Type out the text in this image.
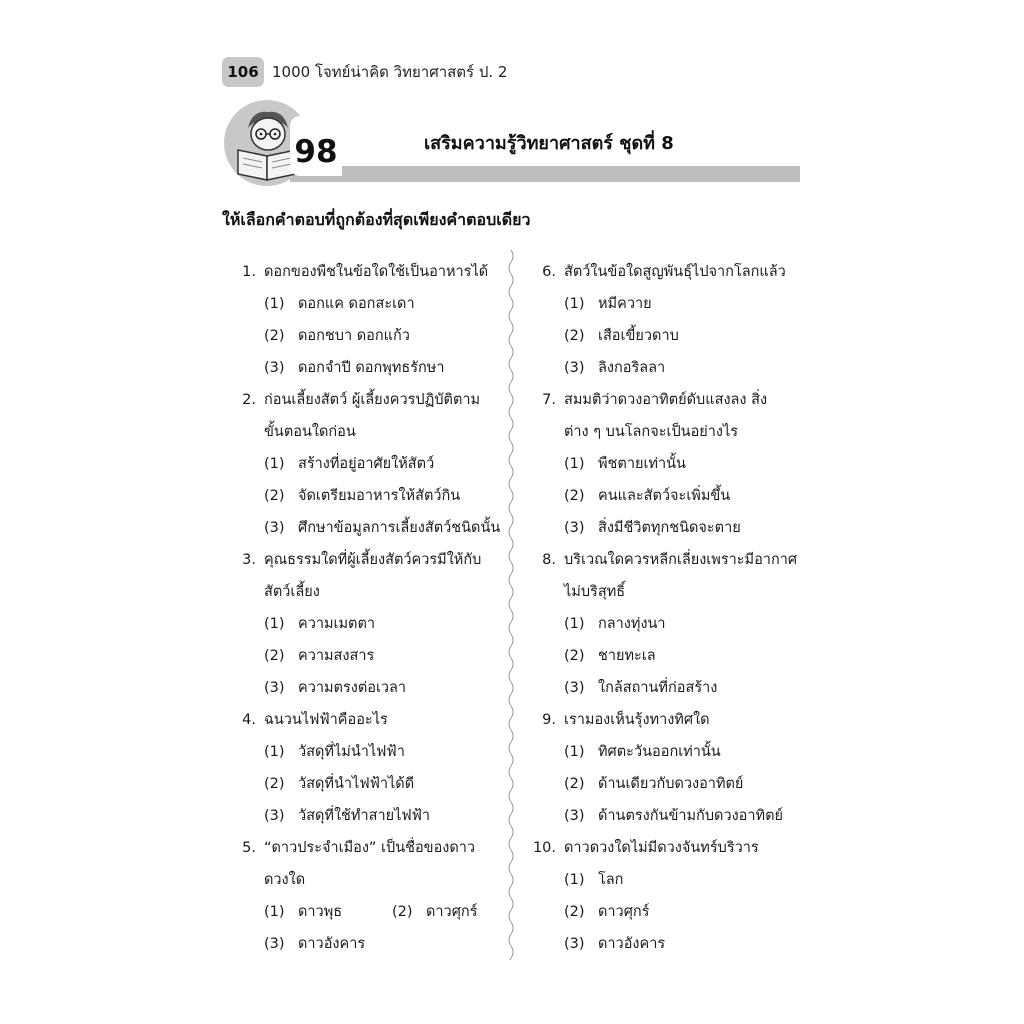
106 1000 โจทย์น่าคิด วิทยาศาสตร์ ป. 2
98	เสริมความรู้วิทยาศาสตร์ ชุดที่ 8
ให้เลือกคำตอบที่ถูกต้องที่สุดเพียงคำตอบเดียว
1. ดอกของพืชในข้อใดใช้เป็นอาหารได้
(1) ดอกแค ดอกสะเดา
(2) ดอกชบา ดอกแก้ว
(3) ดอกจำปี ดอกพุทธรักษา
2. ก่อนเลี้ยงสัตว์ ผู้เลี้ยงควรปฏิบัติตาม
ขั้นตอนใดก่อน
(1) สร้างที่อยู่อาศัยให้สัตว์
(2) จัดเตรียมอาหารให้สัตว์กิน
(3) ศึกษาข้อมูลการเลี้ยงสัตว์ชนิดนั้น
3. คุณธรรมใดที่ผู้เลี้ยงสัตว์ควรมีให้กับ
สัตว์เลี้ยง
(1) ความเมตตา
(2) ความสงสาร
(3) ความตรงต่อเวลา
4. ฉนวนไฟฟ้าคืออะไร
(1) วัสดุที่ไม่นำไฟฟ้า
(2) วัสดุที่นำไฟฟ้าได้ดี
(3) วัสดุที่ใช้ทำสายไฟฟ้า
5. “ดาวประจำเมือง” เป็นชื่อของดาว
ดวงใด
(1) ดาวพุธ	(2) ดาวศุกร์
(3) ดาวอังคาร
6. สัตว์ในข้อใดสูญพันธุ์ไปจากโลกแล้ว
(1) หมีควาย
(2) เสือเขี้ยวดาบ
(3) ลิงกอริลลา
7. สมมติว่าดวงอาทิตย์ดับแสงลง สิ่ง
ต่าง ๆ บนโลกจะเป็นอย่างไร
(1) พืชตายเท่านั้น
(2) คนและสัตว์จะเพิ่มขึ้น
(3) สิ่งมีชีวิตทุกชนิดจะตาย
8. บริเวณใดควรหลีกเลี่ยงเพราะมีอากาศ
ไม่บริสุทธิ์
(1) กลางทุ่งนา
(2) ชายทะเล
(3) ใกล้สถานที่ก่อสร้าง
9. เรามองเห็นรุ้งทางทิศใด
(1) ทิศตะวันออกเท่านั้น
(2) ด้านเดียวกับดวงอาทิตย์
(3) ด้านตรงกันข้ามกับดวงอาทิตย์
10. ดาวดวงใดไม่มีดวงจันทร์บริวาร
(1) โลก
(2) ดาวศุกร์
(3) ดาวอังคาร
